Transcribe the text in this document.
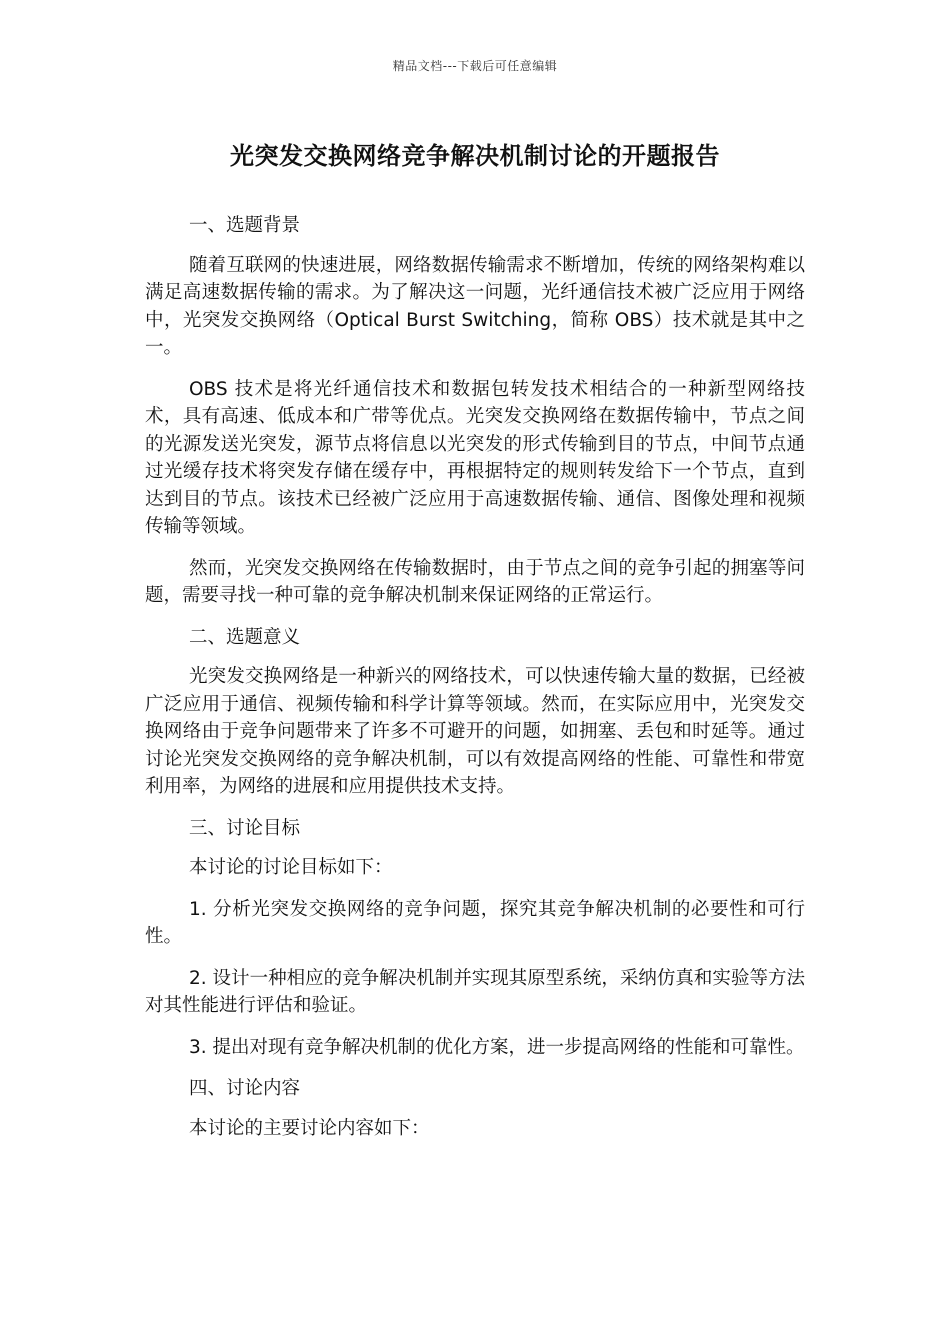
精品文档---下载后可任意编辑
光突发交换网络竞争解决机制讨论的开题报告

一、选题背景

随着互联网的快速进展，网络数据传输需求不断增加，传统的网络架构难以满足高速数据传输的需求。为了解决这一问题，光纤通信技术被广泛应用于网络中，光突发交换网络（Optical Burst Switching，简称 OBS）技术就是其中之一。

OBS 技术是将光纤通信技术和数据包转发技术相结合的一种新型网络技术，具有高速、低成本和广带等优点。光突发交换网络在数据传输中，节点之间的光源发送光突发，源节点将信息以光突发的形式传输到目的节点，中间节点通过光缓存技术将突发存储在缓存中，再根据特定的规则转发给下一个节点，直到达到目的节点。该技术已经被广泛应用于高速数据传输、通信、图像处理和视频传输等领域。

然而，光突发交换网络在传输数据时，由于节点之间的竞争引起的拥塞等问题，需要寻找一种可靠的竞争解决机制来保证网络的正常运行。

二、选题意义

光突发交换网络是一种新兴的网络技术，可以快速传输大量的数据，已经被广泛应用于通信、视频传输和科学计算等领域。然而，在实际应用中，光突发交换网络由于竞争问题带来了许多不可避开的问题，如拥塞、丢包和时延等。通过讨论光突发交换网络的竞争解决机制，可以有效提高网络的性能、可靠性和带宽利用率，为网络的进展和应用提供技术支持。

三、讨论目标

本讨论的讨论目标如下：

1. 分析光突发交换网络的竞争问题，探究其竞争解决机制的必要性和可行性。

2. 设计一种相应的竞争解决机制并实现其原型系统，采纳仿真和实验等方法对其性能进行评估和验证。

3. 提出对现有竞争解决机制的优化方案，进一步提高网络的性能和可靠性。

四、讨论内容

本讨论的主要讨论内容如下：
